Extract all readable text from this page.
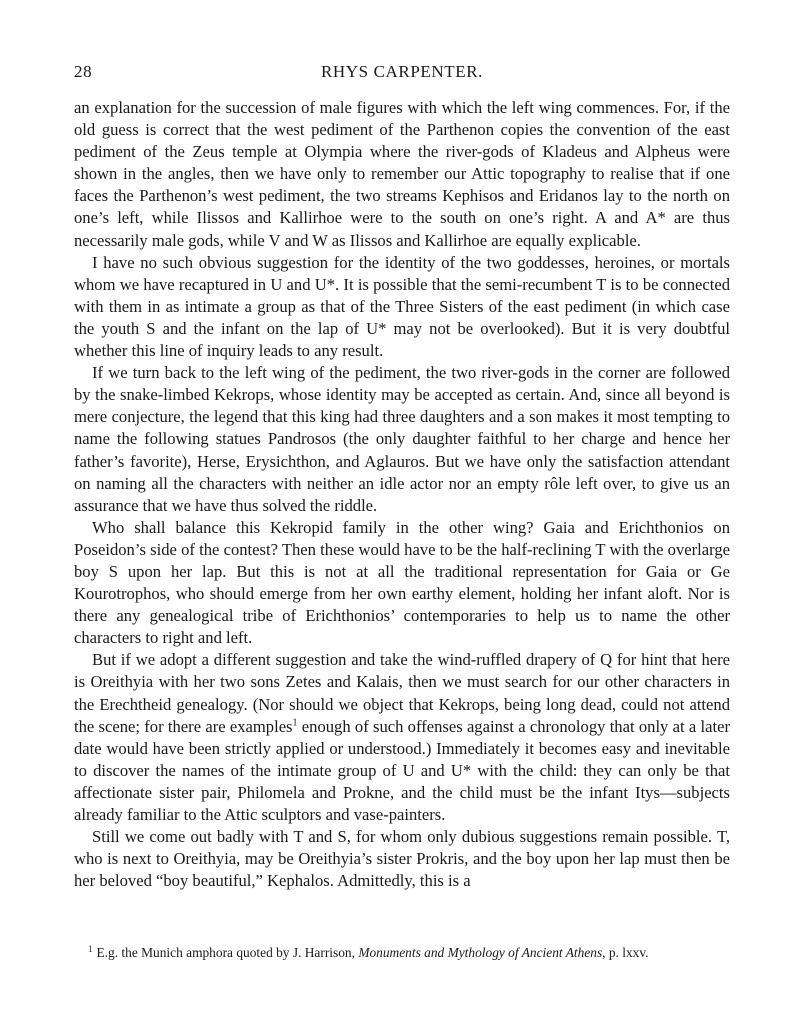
28	RHYS CARPENTER.

an explanation for the succession of male figures with which the left wing commences. For, if the old guess is correct that the west pediment of the Parthenon copies the convention of the east pediment of the Zeus temple at Olympia where the river-gods of Kladeus and Alpheus were shown in the angles, then we have only to remember our Attic topography to realise that if one faces the Parthenon’s west pediment, the two streams Kephisos and Eridanos lay to the north on one’s left, while Ilissos and Kallirhoe were to the south on one’s right. A and A* are thus necessarily male gods, while V and W as Ilissos and Kallirhoe are equally explicable.

I have no such obvious suggestion for the identity of the two goddesses, heroines, or mortals whom we have recaptured in U and U*. It is possible that the semi-recumbent T is to be connected with them in as intimate a group as that of the Three Sisters of the east pediment (in which case the youth S and the infant on the lap of U* may not be overlooked). But it is very doubtful whether this line of inquiry leads to any result.

If we turn back to the left wing of the pediment, the two river-gods in the corner are followed by the snake-limbed Kekrops, whose identity may be accepted as certain. And, since all beyond is mere conjecture, the legend that this king had three daughters and a son makes it most tempting to name the following statues Pandrosos (the only daughter faithful to her charge and hence her father’s favorite), Herse, Erysichthon, and Aglauros. But we have only the satisfaction attendant on naming all the characters with neither an idle actor nor an empty rôle left over, to give us an assurance that we have thus solved the riddle.

Who shall balance this Kekropid family in the other wing? Gaia and Erichthonios on Poseidon’s side of the contest? Then these would have to be the half-reclining T with the overlarge boy S upon her lap. But this is not at all the traditional representation for Gaia or Ge Kourotrophos, who should emerge from her own earthy element, holding her infant aloft. Nor is there any genealogical tribe of Erichthonios’ contemporaries to help us to name the other characters to right and left.

But if we adopt a different suggestion and take the wind-ruffled drapery of Q for hint that here is Oreithyia with her two sons Zetes and Kalais, then we must search for our other characters in the Erechtheid genealogy. (Nor should we object that Kekrops, being long dead, could not attend the scene; for there are examples$^1$ enough of such offenses against a chronology that only at a later date would have been strictly applied or understood.) Immediately it becomes easy and inevitable to discover the names of the intimate group of U and U* with the child: they can only be that affectionate sister pair, Philomela and Prokne, and the child must be the infant Itys—subjects already familiar to the Attic sculptors and vase-painters.

Still we come out badly with T and S, for whom only dubious suggestions remain possible. T, who is next to Oreithyia, may be Oreithyia’s sister Prokris, and the boy upon her lap must then be her beloved “boy beautiful,” Kephalos. Admittedly, this is a

$^1$ E.g. the Munich amphora quoted by J. Harrison, Monuments and Mythology of Ancient Athens, p. lxxv.
